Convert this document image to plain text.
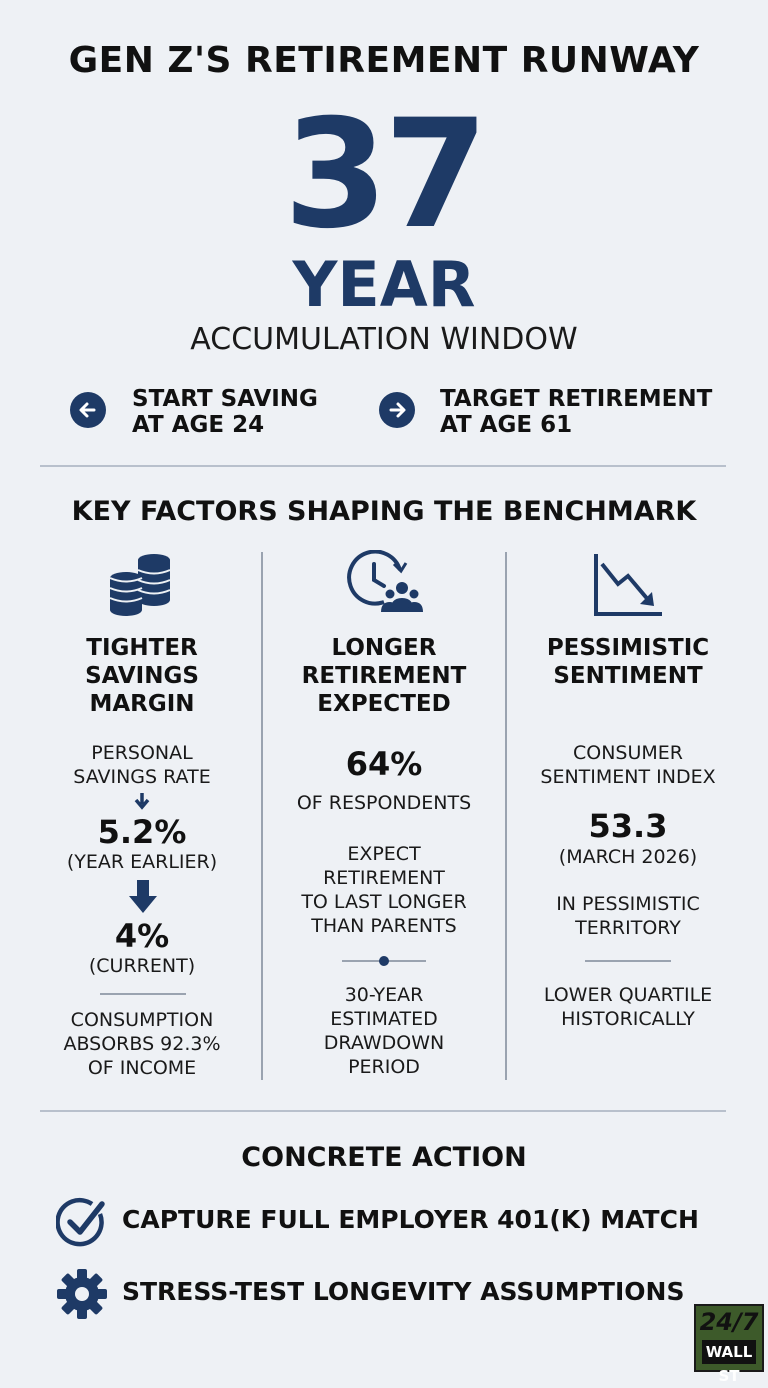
GEN Z'S RETIREMENT RUNWAY
37
YEAR
ACCUMULATION WINDOW
START SAVING
AT AGE 24
TARGET RETIREMENT
AT AGE 61
KEY FACTORS SHAPING THE BENCHMARK
TIGHTER
SAVINGS
MARGIN
PERSONAL
SAVINGS RATE
5.2%
(YEAR EARLIER)
4%
(CURRENT)
CONSUMPTION
ABSORBS 92.3%
OF INCOME
LONGER
RETIREMENT
EXPECTED
64%
OF RESPONDENTS
EXPECT
RETIREMENT
TO LAST LONGER
THAN PARENTS
30-YEAR
ESTIMATED
DRAWDOWN
PERIOD
PESSIMISTIC
SENTIMENT
CONSUMER
SENTIMENT INDEX
53.3
(MARCH 2026)
IN PESSIMISTIC
TERRITORY
LOWER QUARTILE
HISTORICALLY
CONCRETE ACTION
CAPTURE FULL EMPLOYER 401(K) MATCH
STRESS-TEST LONGEVITY ASSUMPTIONS
24/7
WALL ST
